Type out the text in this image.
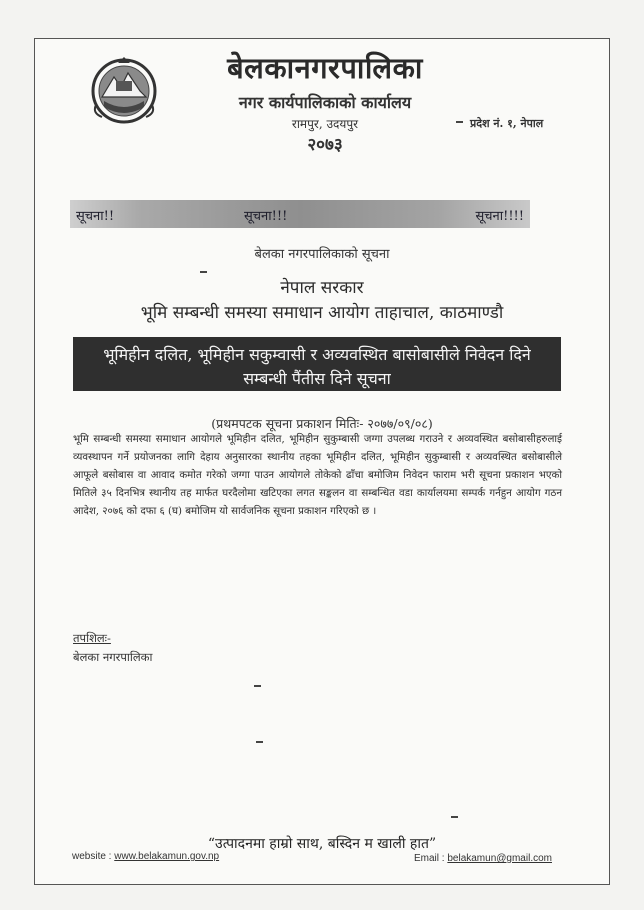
बेलकानगरपालिका
नगर कार्यपालिकाको कार्यालय
रामपुर, उदयपुर
२०७३
प्रदेश नं. १, नेपाल
सूचना!!	सूचना!!!	सूचना!!!!
बेलका नगरपालिकाको सूचना
नेपाल सरकार
भूमि सम्बन्धी समस्या समाधान आयोग ताहाचाल, काठमाण्डौ
भूमिहीन दलित, भूमिहीन सकुम्वासी र अव्यवस्थित बासोबासीले निवेदन दिने
सम्बन्धी पैंतीस दिने सूचना
(प्रथमपटक सूचना प्रकाशन मितिः- २०७७/०९/०८)
भूमि सम्बन्धी समस्या समाधान आयोगले भूमिहीन दलित, भूमिहीन सुकुम्बासी जग्गा उपलब्ध गराउने र अव्यवस्थित बसोबासीहरुलाई व्यवस्थापन गर्ने प्रयोजनका लागि देहाय अनुसारका स्थानीय तहका भूमिहीन दलित, भूमिहीन सुकुम्बासी र अव्यवस्थित बसोबासीले आफूले बसोबास वा आवाद कमोत गरेको जग्गा पाउन आयोगले तोकेको ढाँचा बमोजिम निवेदन फाराम भरी सूचना प्रकाशन भएको मितिले ३५ दिनभित्र स्थानीय तह मार्फत घरदैलोमा खटिएका लगत सङ्कलन वा सम्बन्धित वडा कार्यालयमा सम्पर्क गर्नहुन आयोग गठन आदेश, २०७६ को दफा ६ (घ) बमोजिम यो सार्वजनिक सूचना प्रकाशन गरिएको छ ।
तपशिलः-
बेलका नगरपालिका
“उत्पादनमा हाम्रो साथ, बस्दिन म खाली हात”
website : www.belakamun.gov.np	Email : belakamun@gmail.com
